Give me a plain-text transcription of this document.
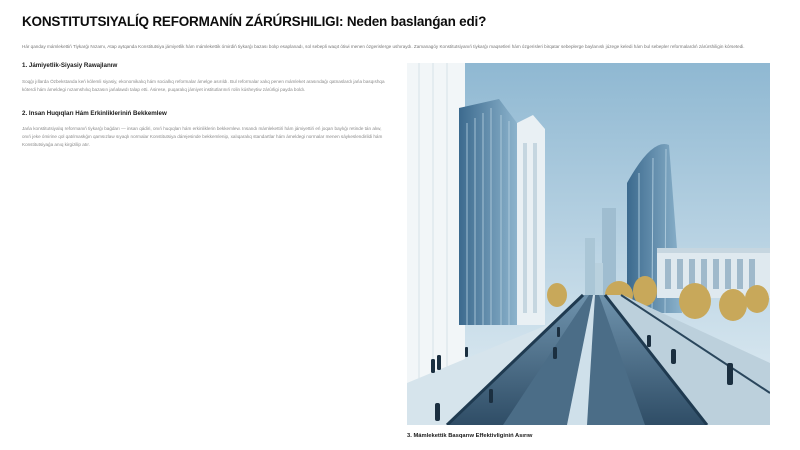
KONSTITUTSIYALÍQ REFORMANÍN ZÁRÚRSHILIGI: Neden baslanǵan edi?
Hár qanday mámlekettiń Tiykarǵı Nızamı, Atap aytqanda Konstitutsiya jámiyetlik hám mámlekettik ómirdiń tiykarǵı bazası bolıp esaplanadı, sol sebepli waqıt ótiwi menen ózgerislerge ushıraydı. Zamanagóy Konstitutsiyanıń tiykarǵı maqsetleri hám ózgerisleri birqatar sebeplerge baylanıslı júzege keledi hám bul sebepler reformalardıń zárúrshiligin kórsetedi.
1. Jámiyetlik-Siyasiy Rawajlanıw
Soqǵı jıllarda Ózbekstanda keń kólemli siyasiy, ekonomikalıq hám sociallıq reformalar ámelge asırıldı. Bul reformalar xalıq penen mámleket arasındaǵı qatnaslardı jańa basqıshqa kóterdi hám ámeldegi nızamshılıq bazasın jańalawdı talap etti. Ásirese, puqaralıq jámiyet institutlarınıń rolin kúsheytiw zárúrligi payda boldı.
2. Insan Huqıqları Hám Erkinlikleriniń Bekkemlew
Jańa konstitutsiyalıq reformanıń tiykarǵı baǵdarı — insan qádiri, onıń huqıqları hám erkinliklerin bekkemlew. Insandı mámlekettiń hám jámiyettiń eń joqarı baylıǵı retinde tán alıw, onıń jeke ómirine qol qatılmasłıǵın qamsızlaw sıyaqlı normalar Konstitutsiya dárejesinde bekkemlenip, xalıqaralıq standartlar hám ámeldegi normalar menen sáykeslendirildi hám Konstitutsiyaǵa anıq kirgizilip atır.
3. Mámlekettik Basqarıw Effektivliginiń Asırıw
